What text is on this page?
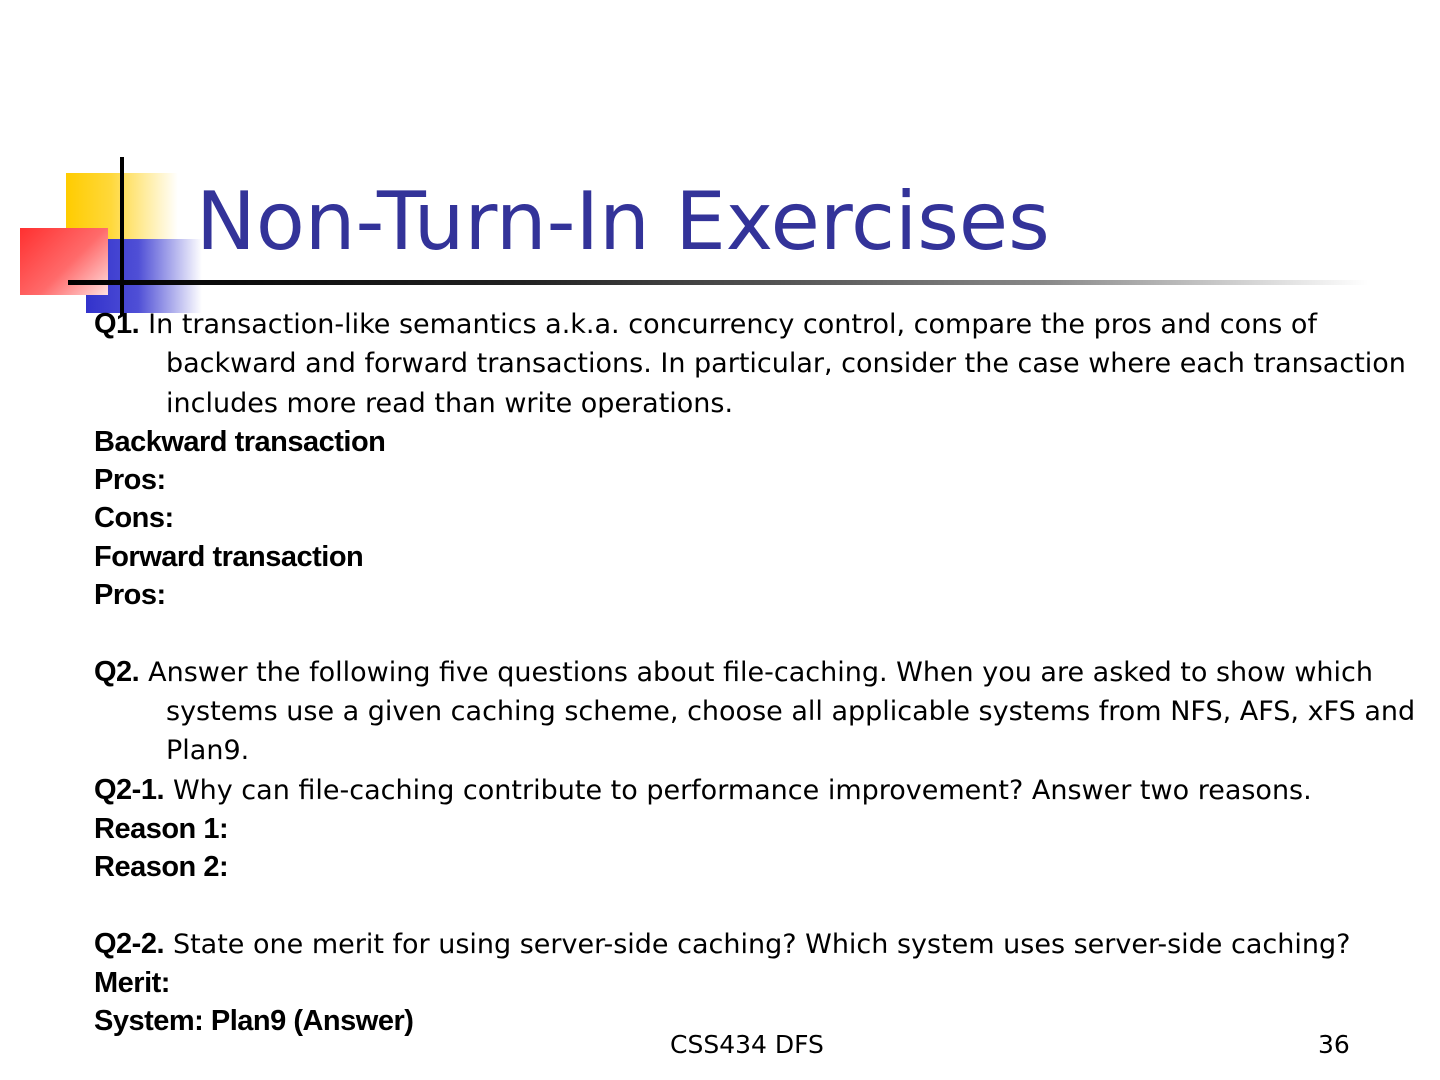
Non-Turn-In Exercises

Q1. In transaction-like semantics a.k.a. concurrency control, compare the pros and cons of backward and forward transactions. In particular, consider the case where each transaction includes more read than write operations.

Backward transaction

Pros:

Cons:

Forward transaction

Pros:

Q2. Answer the following five questions about file-caching. When you are asked to show which systems use a given caching scheme, choose all applicable systems from NFS, AFS, xFS and Plan9.

Q2-1. Why can file-caching contribute to performance improvement? Answer two reasons.

Reason 1:

Reason 2:

Q2-2. State one merit for using server-side caching? Which system uses server-side caching?

Merit:

System: Plan9 (Answer)

CSS434 DFS	36
